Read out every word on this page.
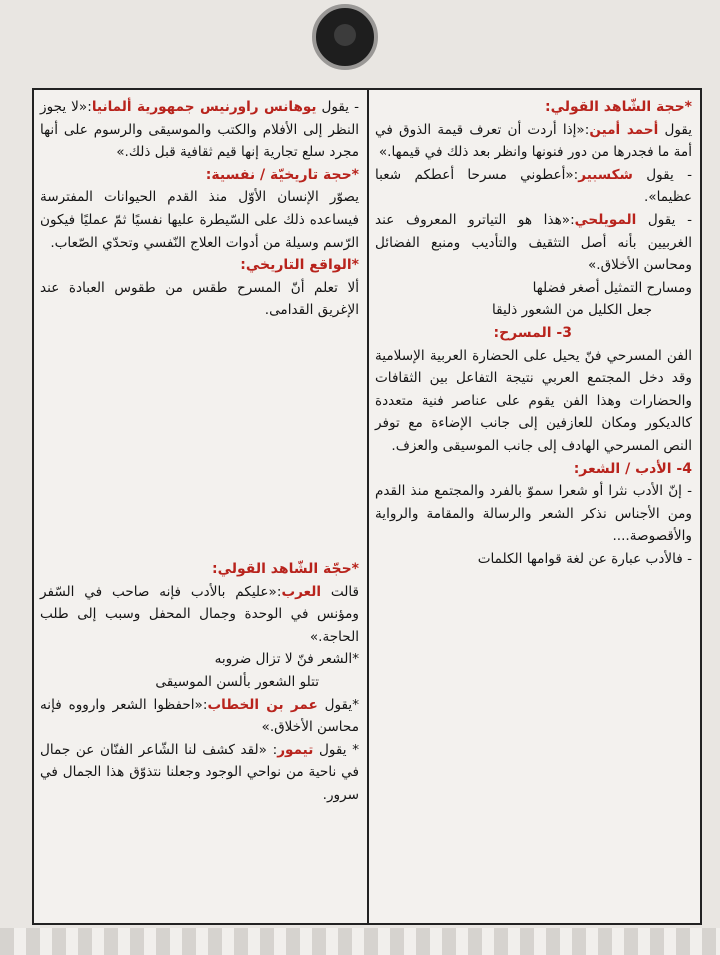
*حجة الشّاهد القولي:

يقول أحمد أمين:«إذا أردت أن تعرف قيمة الذوق في أمة ما فجدرها من دور فنونها وانظر بعد ذلك في قيمها.»

- يقول شكسبير:«أعطوني مسرحا أعطكم شعبا عظيما».

- يقول المويلحي:«هذا هو التياترو المعروف عند الغربيين بأنه أصل التثقيف والتأديب ومنبع الفضائل ومحاسن الأخلاق.»

ومسارح التمثيل أصغر فضلها

جعل الكليل من الشعور ذليقا

3- المسرح:

الفن المسرحي فنّ يحيل على الحضارة العربية الإسلامية وقد دخل المجتمع العربي نتيجة التفاعل بين الثقافات والحضارات وهذا الفن يقوم على عناصر فنية متعددة كالديكور ومكان للعازفين إلى جانب الإضاءة مع توفر النص المسرحي الهادف إلى جانب الموسيقى والعزف.

4- الأدب / الشعر:

- إنّ الأدب نثرا أو شعرا سموّ بالفرد والمجتمع منذ القدم ومن الأجناس نذكر الشعر والرسالة والمقامة والرواية والأقصوصة....

- فالأدب عبارة عن لغة قوامها الكلمات

- يقول يوهانس راورنيس جمهورية ألمانيا:«لا يجوز النظر إلى الأفلام والكتب والموسيقى والرسوم على أنها مجرد سلع تجارية إنها قيم ثقافية قبل ذلك.»

*حجة تاريخيّة / نفسية:

يصوّر الإنسان الأوّل منذ القدم الحيوانات المفترسة فيساعده ذلك على السّيطرة عليها نفسيًا ثمّ عمليًا فيكون الرّسم وسيلة من أدوات العلاج النّفسي وتحدّي الصّعاب.

*الواقع التاريخي:

ألا تعلم أنّ المسرح طقس من طقوس العبادة عند الإغريق القدامى.

*حجّة الشّاهد القولي:

قالت العرب:«عليكم بالأدب فإنه صاحب في السّفر ومؤنس في الوحدة وجمال المحفل وسبب إلى طلب الحاجة.»

*الشعر فنّ لا تزال ضروبه

تتلو الشعور بألسن الموسيقى

*يقول عمر بن الخطاب:«احفظوا الشعر وارووه فإنه محاسن الأخلاق.»

* يقول تيمور: «لقد كشف لنا الشّاعر الفنّان عن جمال في ناحية من نواحي الوجود وجعلنا نتذوّق هذا الجمال في سرور.
